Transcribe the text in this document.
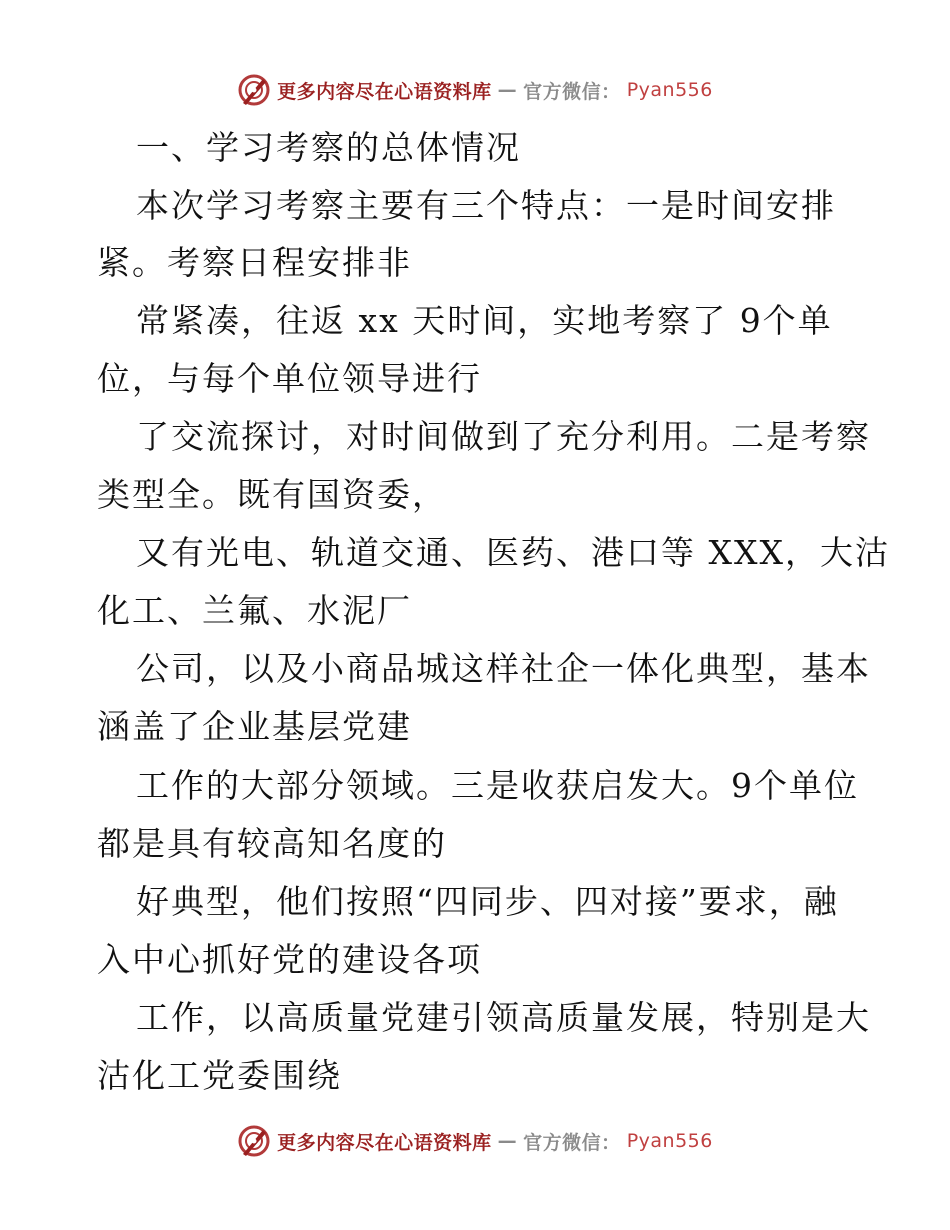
更多内容尽在心语资料库 — 官方微信： Pyan556
一、学习考察的总体情况
本次学习考察主要有三个特点：一是时间安排
紧。考察日程安排非
常紧凑，往返 xx 天时间，实地考察了 9个单
位，与每个单位领导进行
了交流探讨，对时间做到了充分利用。二是考察
类型全。既有国资委，
又有光电、轨道交通、医药、港口等 XXX，大沽
化工、兰氟、水泥厂
公司，以及小商品城这样社企一体化典型，基本
涵盖了企业基层党建
工作的大部分领域。三是收获启发大。9个单位
都是具有较高知名度的
好典型，他们按照“四同步、四对接”要求，融
入中心抓好党的建设各项
工作，以高质量党建引领高质量发展，特别是大
沽化工党委围绕
更多内容尽在心语资料库 — 官方微信： Pyan556
